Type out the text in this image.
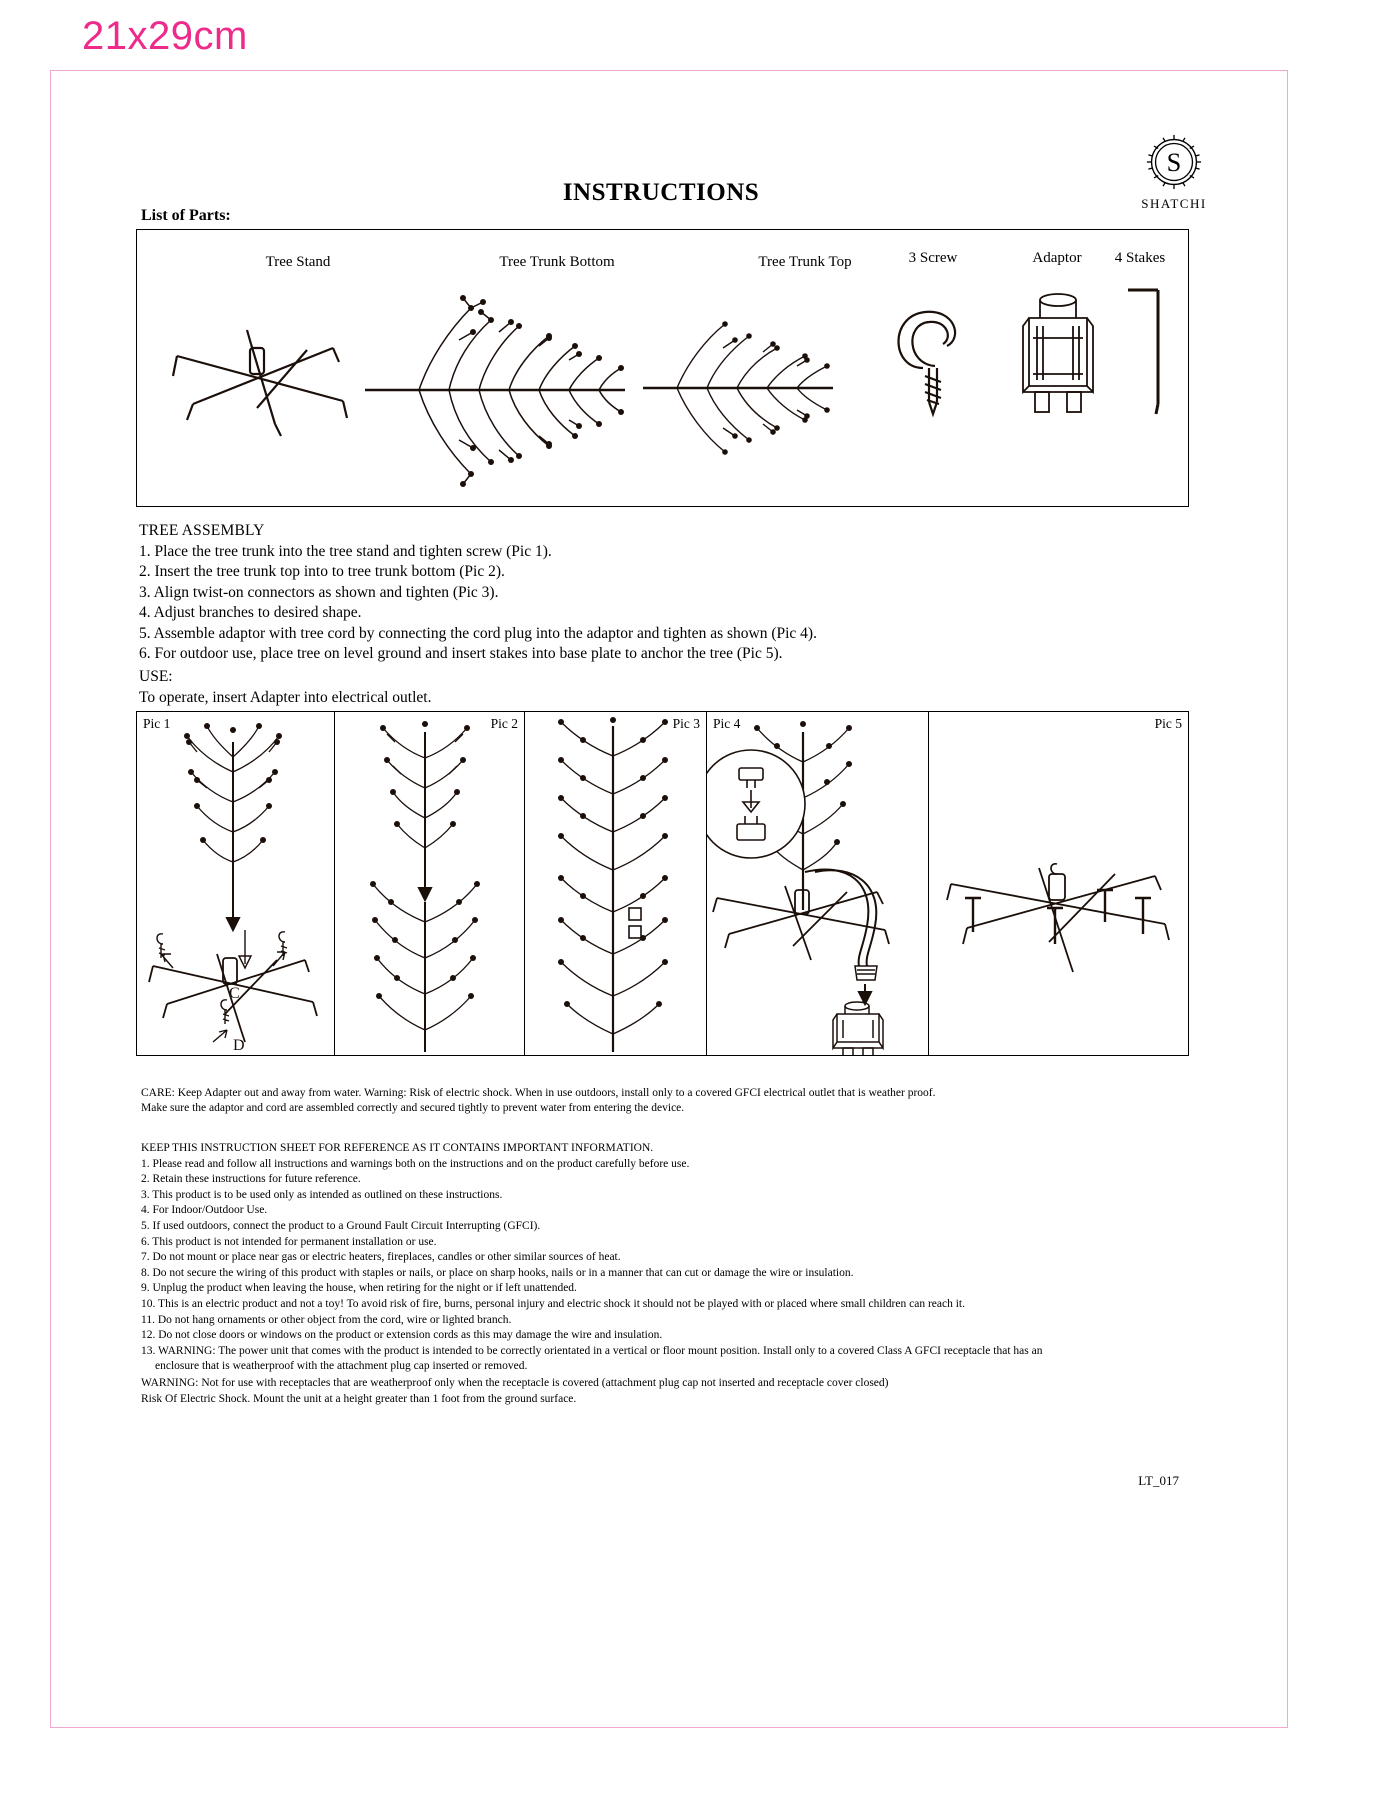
21x29cm
S
SHATCHI
INSTRUCTIONS
List of Parts:
Tree Stand	Tree Trunk Bottom	Tree Trunk Top	3 Screw	Adaptor	4 Stakes
TREE ASSEMBLY
1. Place the tree trunk into the tree stand and tighten screw (Pic 1).
2. Insert the tree trunk top into to tree trunk bottom (Pic 2).
3. Align twist-on connectors as shown and tighten (Pic 3).
4. Adjust branches to desired shape.
5. Assemble adaptor with tree cord by connecting the cord plug into the adaptor and tighten as shown (Pic 4).
6. For outdoor use, place tree on level ground and insert stakes into base plate to anchor the tree (Pic 5).
USE:
To operate, insert Adapter into electrical outlet.
Pic 1
C
D
Pic 2	Pic 3 Pic 4	Pic 5
CARE: Keep Adapter out and away from water. Warning: Risk of electric shock. When in use outdoors, install only to a covered GFCI electrical outlet that is weather proof.
Make sure the adaptor and cord are assembled correctly and secured tightly to prevent water from entering the device.
KEEP THIS INSTRUCTION SHEET FOR REFERENCE AS IT CONTAINS IMPORTANT INFORMATION.
1. Please read and follow all instructions and warnings both on the instructions and on the product carefully before use.
2. Retain these instructions for future reference.
3. This product is to be used only as intended as outlined on these instructions.
4. For Indoor/Outdoor Use.
5. If used outdoors, connect the product to a Ground Fault Circuit Interrupting (GFCI).
6. This product is not intended for permanent installation or use.
7. Do not mount or place near gas or electric heaters, fireplaces, candles or other similar sources of heat.
8. Do not secure the wiring of this product with staples or nails, or place on sharp hooks, nails or in a manner that can cut or damage the wire or insulation.
9. Unplug the product when leaving the house, when retiring for the night or if left unattended.
10. This is an electric product and not a toy! To avoid risk of fire, burns, personal injury and electric shock it should not be played with or placed where small children can reach it.
11. Do not hang ornaments or other object from the cord, wire or lighted branch.
12. Do not close doors or windows on the product or extension cords as this may damage the wire and insulation.
13. WARNING: The power unit that comes with the product is intended to be correctly orientated in a vertical or floor mount position. Install only to a covered Class A GFCI receptacle that has an
enclosure that is weatherproof with the attachment plug cap inserted or removed.
WARNING: Not for use with receptacles that are weatherproof only when the receptacle is covered (attachment plug cap not inserted and receptacle cover closed)
Risk Of Electric Shock. Mount the unit at a height greater than 1 foot from the ground surface.
LT_017
